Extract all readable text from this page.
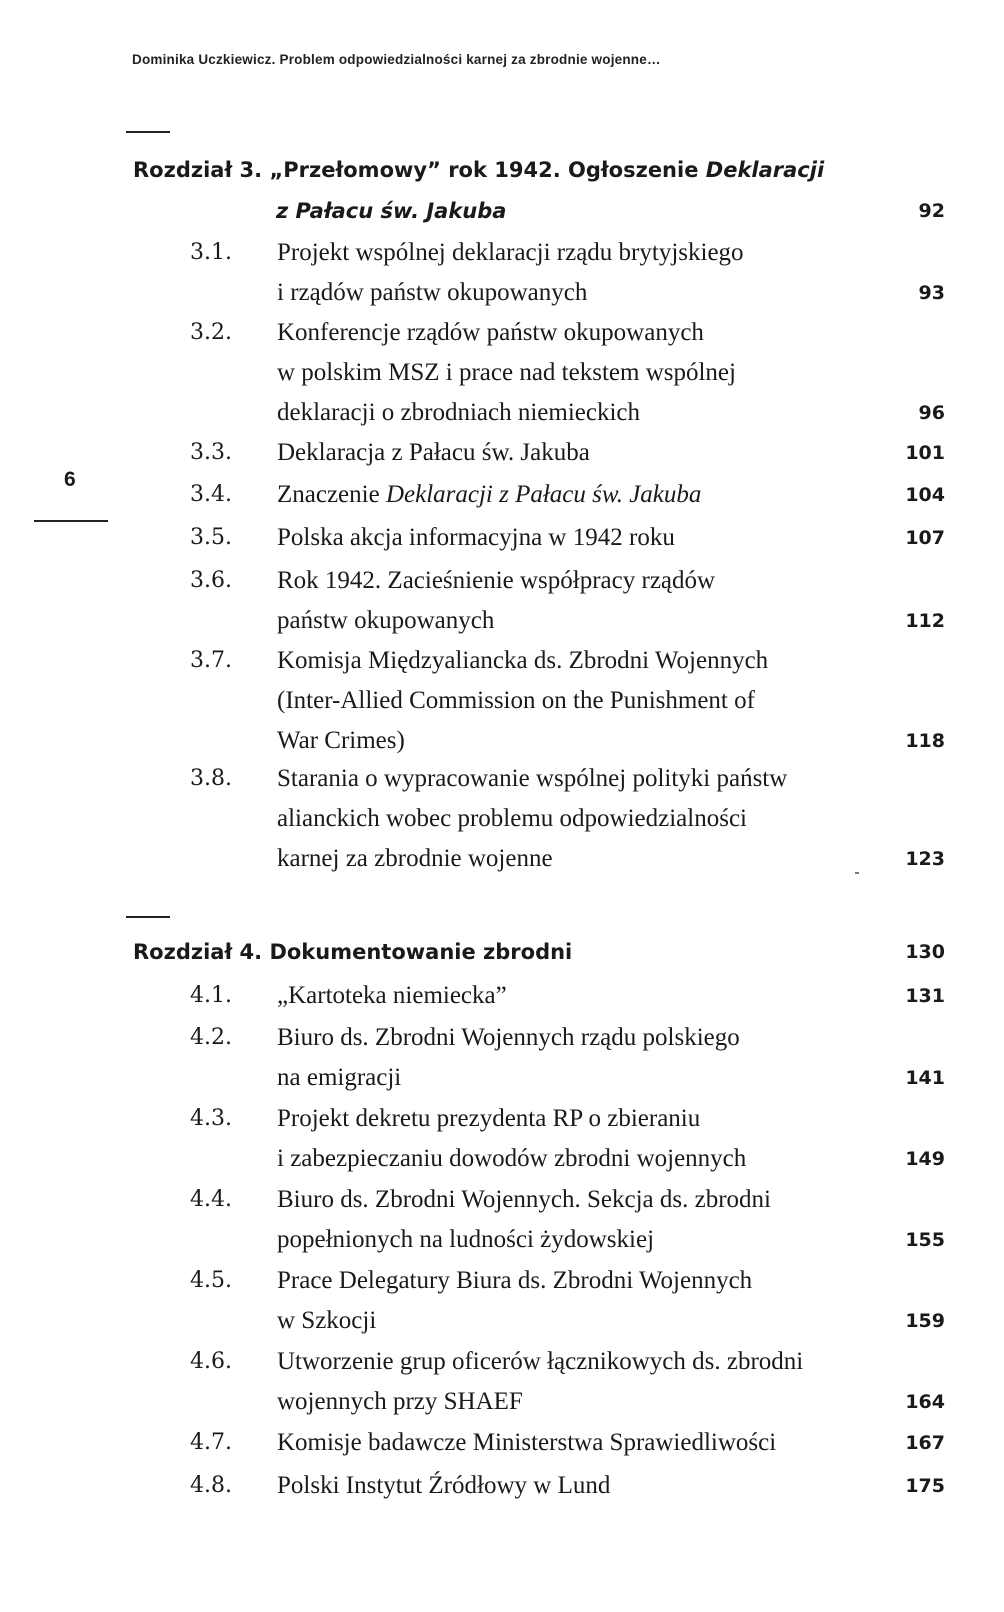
Dominika Uczkiewicz. Problem odpowiedzialności karnej za zbrodnie wojenne…
6
Rozdział 3. „Przełomowy” rok 1942. Ogłoszenie Deklaracji
z Pałacu św. Jakuba	92
3.1. Projekt wspólnej deklaracji rządu brytyjskiego
i rządów państw okupowanych	93
3.2. Konferencje rządów państw okupowanych
w polskim MSZ i prace nad tekstem wspólnej
deklaracji o zbrodniach niemieckich	96
3.3. Deklaracja z Pałacu św. Jakuba	101
3.4. Znaczenie Deklaracji z Pałacu św. Jakuba	104
3.5. Polska akcja informacyjna w 1942 roku	107
3.6. Rok 1942. Zacieśnienie współpracy rządów
państw okupowanych	112
3.7. Komisja Międzyaliancka ds. Zbrodni Wojennych
(Inter-Allied Commission on the Punishment of
War Crimes)	118
3.8. Starania o wypracowanie wspólnej polityki państw
alianckich wobec problemu odpowiedzialności
karnej za zbrodnie wojenne	123
Rozdział 4. Dokumentowanie zbrodni	130
4.1. „Kartoteka niemiecka”	131
4.2. Biuro ds. Zbrodni Wojennych rządu polskiego
na emigracji	141
4.3. Projekt dekretu prezydenta RP o zbieraniu
i zabezpieczaniu dowodów zbrodni wojennych	149
4.4. Biuro ds. Zbrodni Wojennych. Sekcja ds. zbrodni
popełnionych na ludności żydowskiej	155
4.5. Prace Delegatury Biura ds. Zbrodni Wojennych
w Szkocji	159
4.6. Utworzenie grup oficerów łącznikowych ds. zbrodni
wojennych przy SHAEF	164
4.7. Komisje badawcze Ministerstwa Sprawiedliwości	167
4.8. Polski Instytut Źródłowy w Lund	175
